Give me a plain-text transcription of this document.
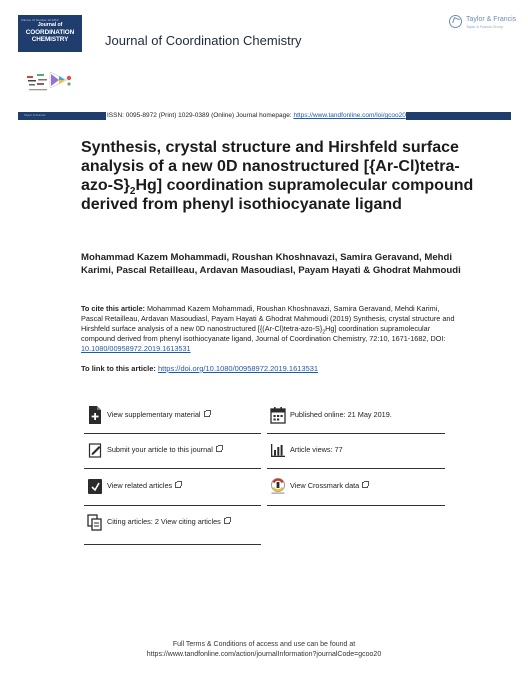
Volume 72 Number 10 2019
Journal of
COORDINATION
CHEMISTRY	Journal of Coordination Chemistry
Taylor & Francis
Taylor & Francis Group
Taylor & Francis	ISSN: 0095-8972 (Print) 1029-0389 (Online) Journal homepage: https://www.tandfonline.com/loi/gcoo20
Synthesis, crystal structure and Hirshfeld surface analysis of a new 0D nanostructured $[\{Ar-Cl)tetra-azo-S\}_2Hg$] coordination supramolecular compound derived from phenyl isothiocyanate ligand
Mohammad Kazem Mohammadi, Roushan Khoshnavazi, Samira Geravand, Mehdi Karimi, Pascal Retailleau, Ardavan Masoudiasl, Payam Hayati & Ghodrat Mahmoudi
To cite this article: Mohammad Kazem Mohammadi, Roushan Khoshnavazi, Samira Geravand, Mehdi Karimi, Pascal Retailleau, Ardavan Masoudiasl, Payam Hayati & Ghodrat Mahmoudi (2019) Synthesis, crystal structure and Hirshfeld surface analysis of a new 0D nanostructured $[\{(Ar-Cl)tetra-azo-S\}_2Hg]$ coordination supramolecular compound derived from phenyl isothiocyanate ligand, Journal of Coordination Chemistry, 72:10, 1671-1682, DOI: 10.1080/00958972.2019.1613531
To link to this article: https://doi.org/10.1080/00958972.2019.1613531
View supplementary material
Submit your article to this journal
View related articles
Citing articles: 2 View citing articles
Published online: 21 May 2019.
Article views: 77
View Crossmark data
Full Terms & Conditions of access and use can be found at
https://www.tandfonline.com/action/journalInformation?journalCode=gcoo20
